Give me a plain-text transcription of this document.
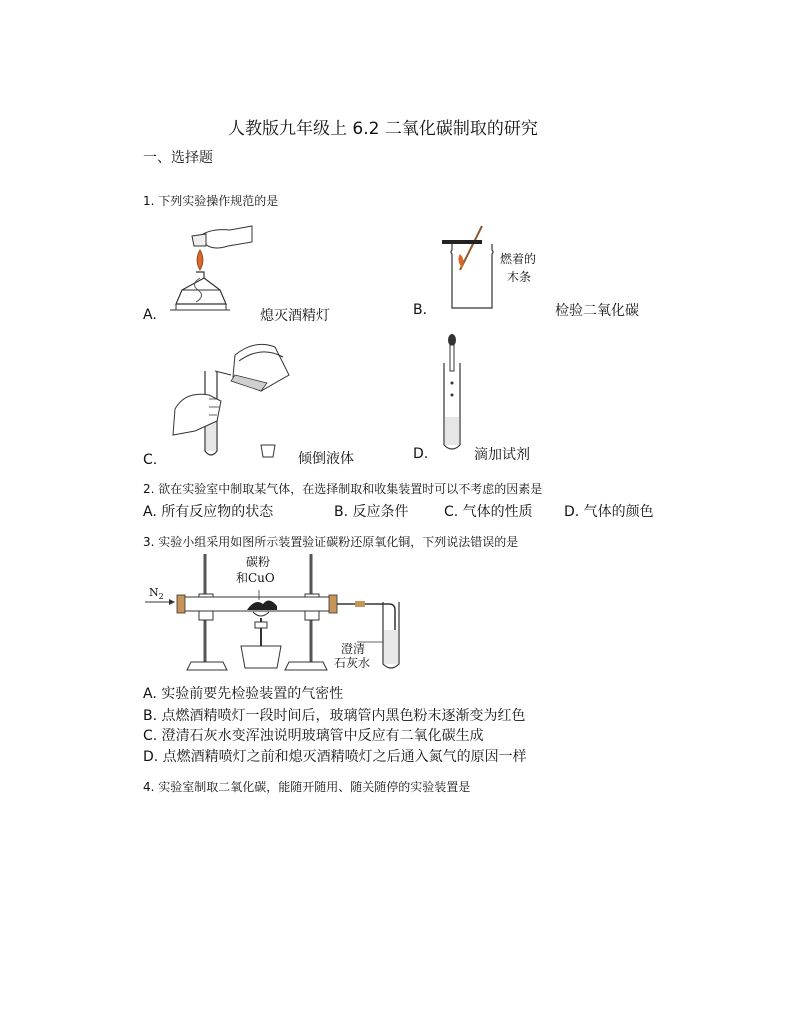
人教版九年级上 6.2 二氧化碳制取的研究
一、选择题
1. 下列实验操作规范的是
A.	熄灭酒精灯
燃着的
木条
B.	检验二氧化碳
C.	倾倒液体	D.	滴加试剂
2. 欲在实验室中制取某气体，在选择制取和收集装置时可以不考虑的因素是
A. 所有反应物的状态	B. 反应条件	C. 气体的性质 D. 气体的颜色
3. 实验小组采用如图所示装置验证碳粉还原氧化铜，下列说法错误的是
$N_2$
碳粉
和CuO
澄清
石灰水
A. 实验前要先检验装置的气密性
B. 点燃酒精喷灯一段时间后，玻璃管内黑色粉末逐渐变为红色
C. 澄清石灰水变浑浊说明玻璃管中反应有二氧化碳生成
D. 点燃酒精喷灯之前和熄灭酒精喷灯之后通入氮气的原因一样
4. 实验室制取二氧化碳，能随开随用、随关随停的实验装置是
